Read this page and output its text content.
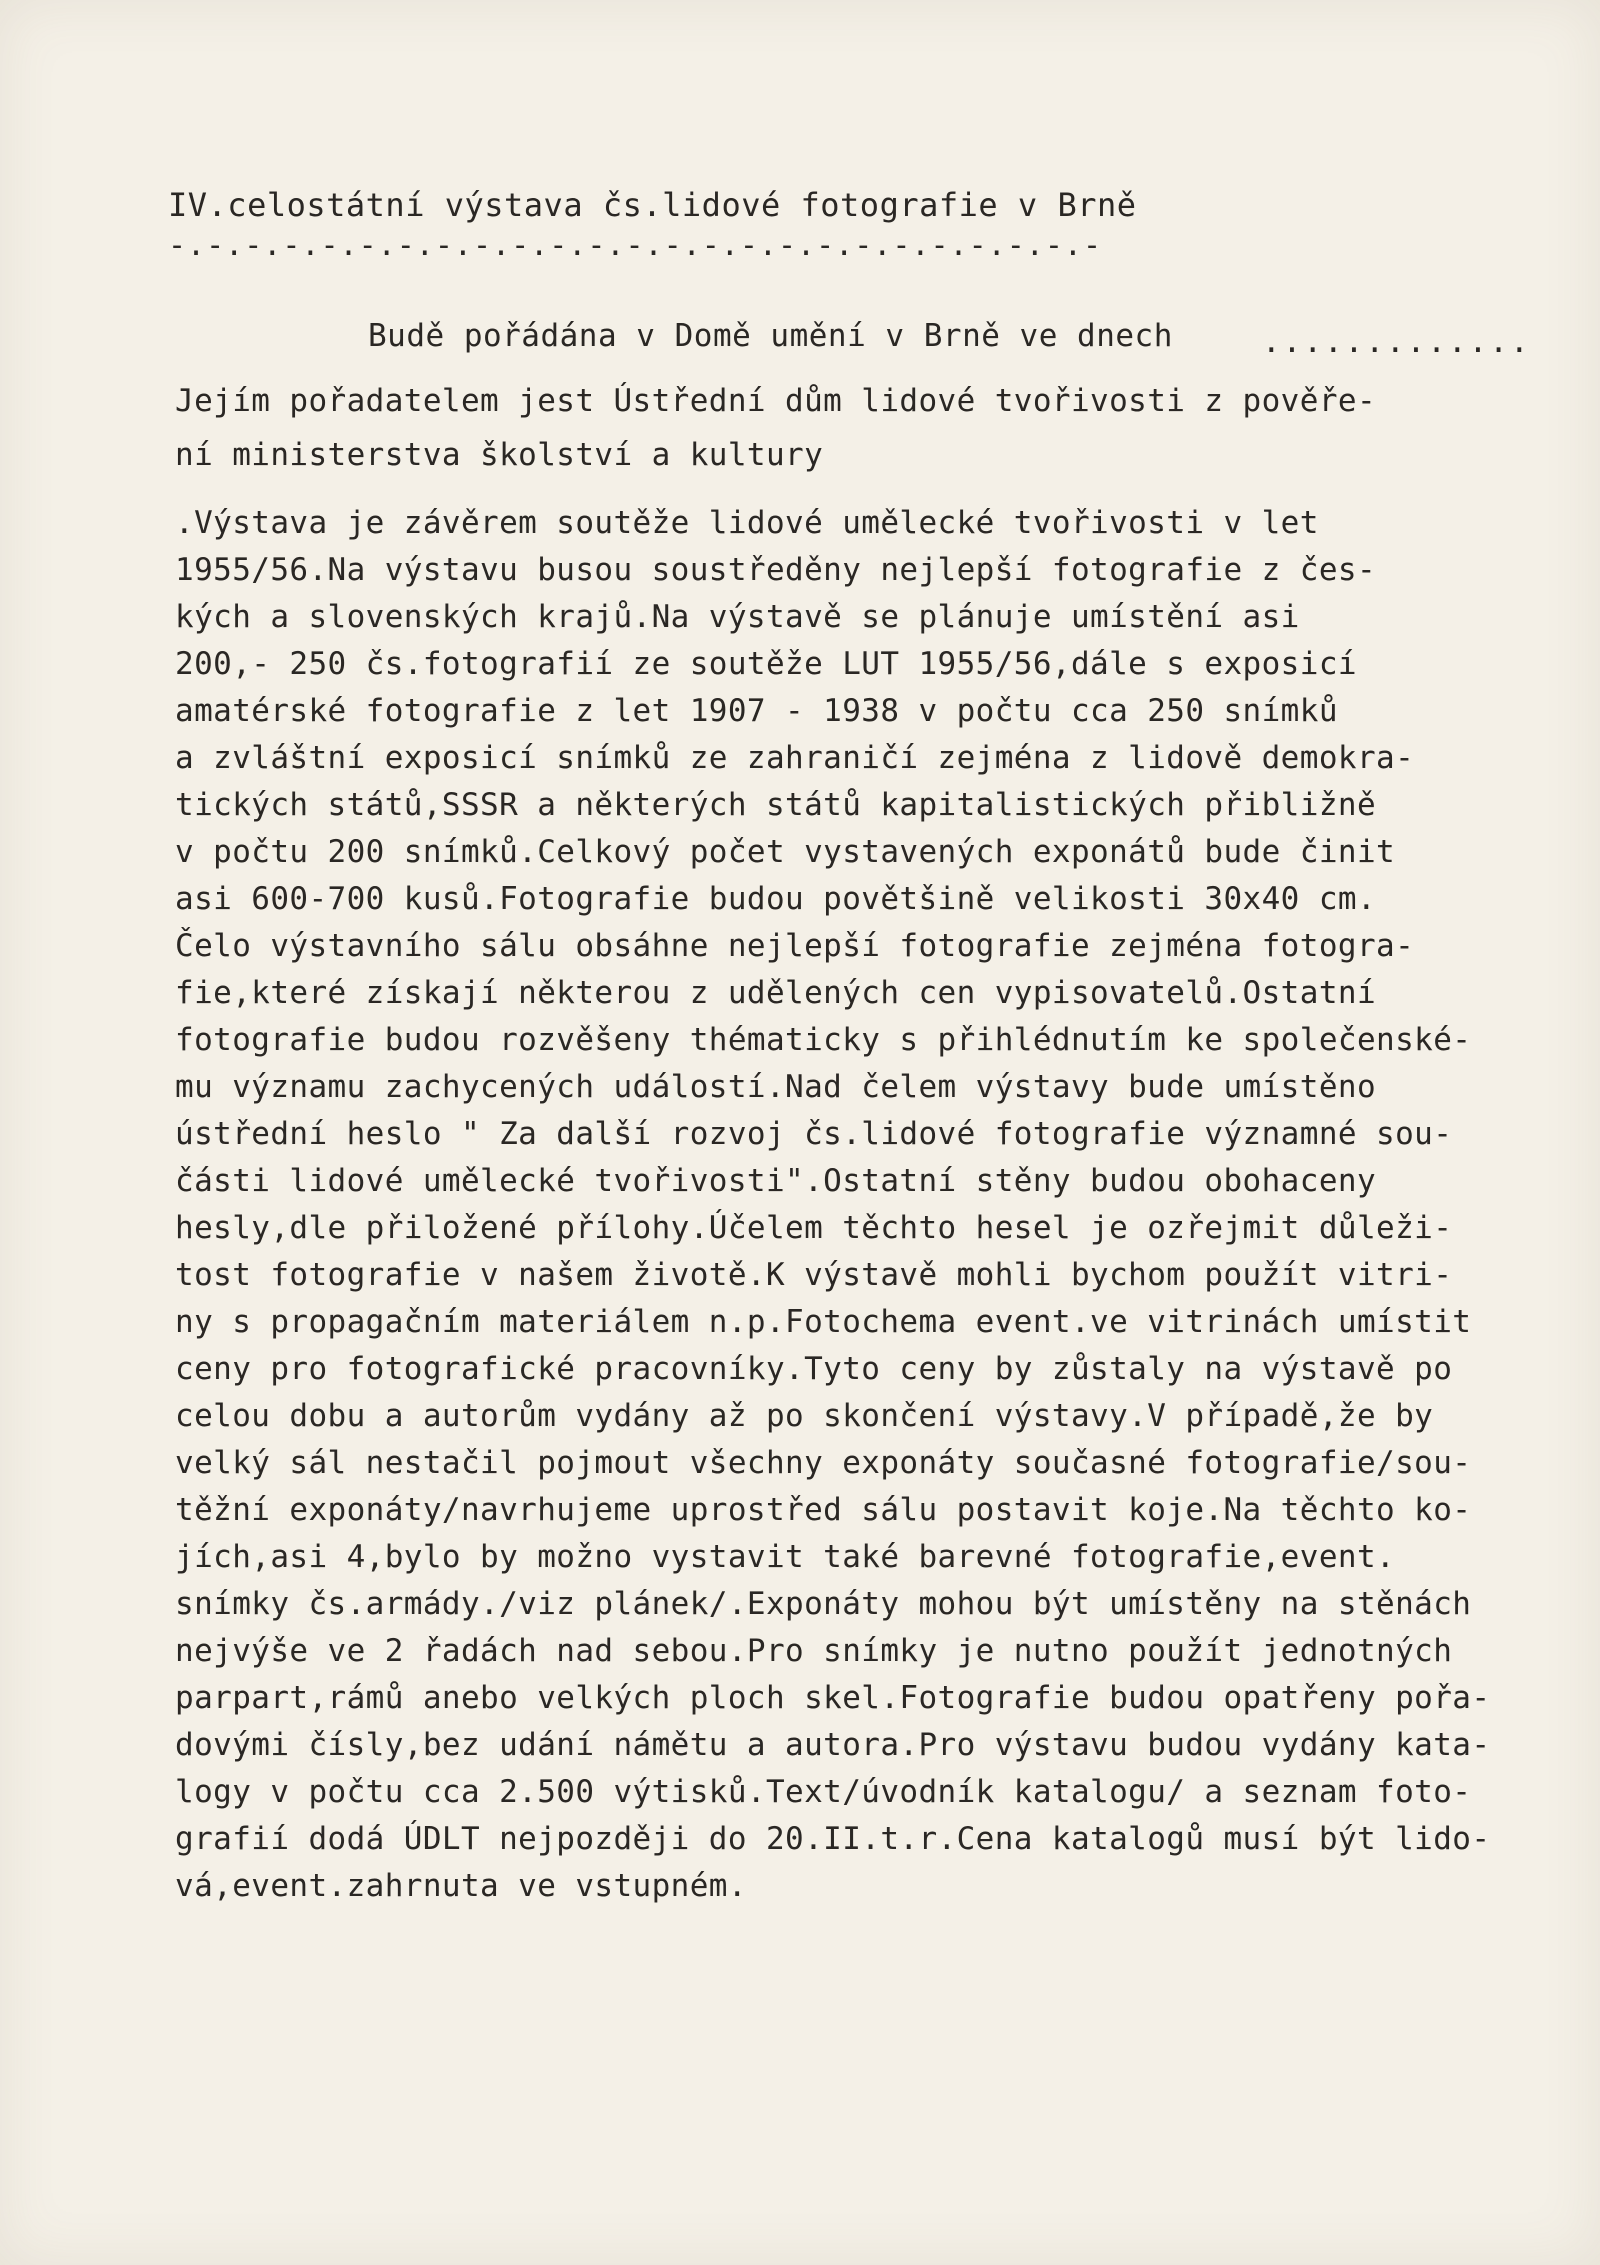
IV.celostátní výstava čs.lidové fotografie v Brně
-.-.-.-.-.-.-.-.-.-.-.-.-.-.-.-.-.-.-.-.-.-.-.-.-
Budě pořádána v Domě umění v Brně ve dnech	.............
Jejím pořadatelem jest Ústřední dům lidové tvořivosti z pověře-
ní ministerstva školství a kultury
.Výstava je závěrem soutěže lidové umělecké tvořivosti v let
1955/56.Na výstavu busou soustředěny nejlepší fotografie z čes-
kých a slovenských krajů.Na výstavě se plánuje umístění asi
200,- 250 čs.fotografií ze soutěže LUT 1955/56,dále s exposicí
amatérské fotografie z let 1907 - 1938 v počtu cca 250 snímků
a zvláštní exposicí snímků ze zahraničí zejména z lidově demokra-
tických států,SSSR a některých států kapitalistických přibližně
v počtu 200 snímků.Celkový počet vystavených exponátů bude činit
asi 600-700 kusů.Fotografie budou povětšině velikosti 30x40 cm.
Čelo výstavního sálu obsáhne nejlepší fotografie zejména fotogra-
fie,které získají některou z udělených cen vypisovatelů.Ostatní
fotografie budou rozvěšeny thématicky s přihlédnutím ke společenské-
mu významu zachycených událostí.Nad čelem výstavy bude umístěno
ústřední heslo " Za další rozvoj čs.lidové fotografie významné sou-
části lidové umělecké tvořivosti".Ostatní stěny budou obohaceny
hesly,dle přiložené přílohy.Účelem těchto hesel je ozřejmit důleži-
tost fotografie v našem životě.K výstavě mohli bychom použít vitri-
ny s propagačním materiálem n.p.Fotochema event.ve vitrinách umístit
ceny pro fotografické pracovníky.Tyto ceny by zůstaly na výstavě po
celou dobu a autorům vydány až po skončení výstavy.V případě,že by
velký sál nestačil pojmout všechny exponáty současné fotografie/sou-
těžní exponáty/navrhujeme uprostřed sálu postavit koje.Na těchto ko-
jích,asi 4,bylo by možno vystavit také barevné fotografie,event.
snímky čs.armády./viz plánek/.Exponáty mohou být umístěny na stěnách
nejvýše ve 2 řadách nad sebou.Pro snímky je nutno použít jednotných
parpart,rámů anebo velkých ploch skel.Fotografie budou opatřeny pořa-
dovými čísly,bez udání námětu a autora.Pro výstavu budou vydány kata-
logy v počtu cca 2.500 výtisků.Text/úvodník katalogu/ a seznam foto-
grafií dodá ÚDLT nejpozději do 20.II.t.r.Cena katalogů musí být lido-
vá,event.zahrnuta ve vstupném.
